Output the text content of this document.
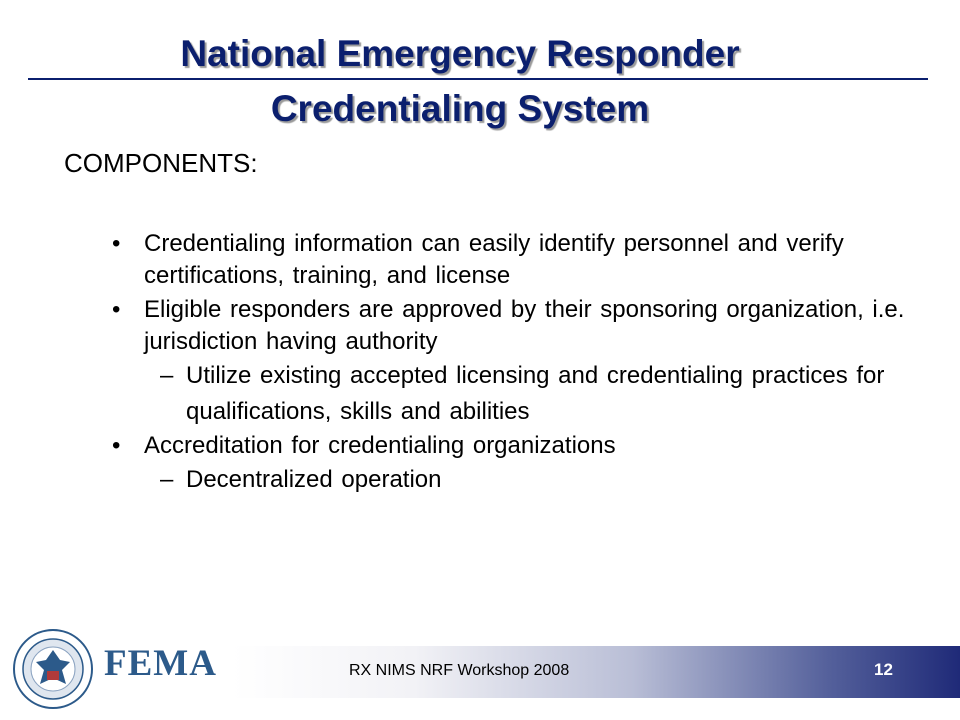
National Emergency Responder
Credentialing System

COMPONENTS:

• Credentialing information can easily identify personnel and verify certifications, training, and license

• Eligible responders are approved by their sponsoring organization, i.e. jurisdiction having authority

– Utilize existing accepted licensing and credentialing practices for qualifications, skills and abilities

• Accreditation for credentialing organizations

– Decentralized operation

FEMA	RX NIMS NRF Workshop 2008	12
